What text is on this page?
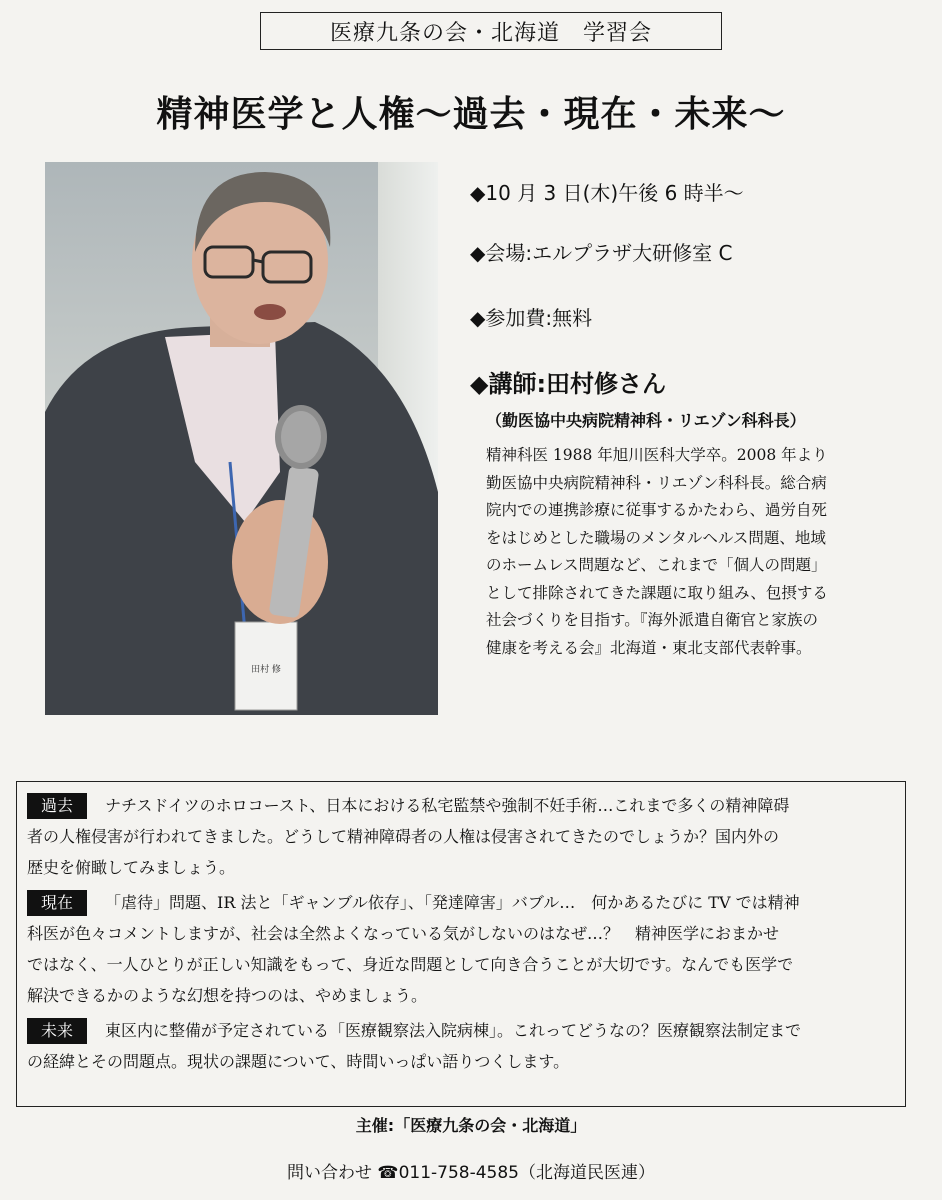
医療九条の会・北海道　学習会
精神医学と人権〜過去・現在・未来〜
田村 修
◆10 月 3 日(木)午後 6 時半〜
◆会場:エルプラザ大研修室 C
◆参加費:無料
◆講師:田村修さん
（勤医協中央病院精神科・リエゾン科科長）

精神科医 1988 年旭川医科大学卒。2008 年より

勤医協中央病院精神科・リエゾン科科長。総合病

院内での連携診療に従事するかたわら、過労自死

をはじめとした職場のメンタルヘルス問題、地域

のホームレス問題など、これまで「個人の問題」

として排除されてきた課題に取り組み、包摂する

社会づくりを目指す。『海外派遣自衛官と家族の

健康を考える会』北海道・東北支部代表幹事。

過去 ナチスドイツのホロコースト、日本における私宅監禁や強制不妊手術…これまで多くの精神障碍

者の人権侵害が行われてきました。どうして精神障碍者の人権は侵害されてきたのでしょうか？国内外の

歴史を俯瞰してみましょう。

現在 「虐待」問題、IR 法と「ギャンブル依存」、「発達障害」バブル…　何かあるたびに TV では精神

科医が色々コメントしますが、社会は全然よくなっている気がしないのはなぜ…？　精神医学におまかせ

ではなく、一人ひとりが正しい知識をもって、身近な問題として向き合うことが大切です。なんでも医学で

解決できるかのような幻想を持つのは、やめましょう。

未来 東区内に整備が予定されている「医療観察法入院病棟」。これってどうなの？医療観察法制定まで

の経緯とその問題点。現状の課題について、時間いっぱい語りつくします。

主催:「医療九条の会・北海道」
問い合わせ ☎011-758-4585（北海道民医連）
